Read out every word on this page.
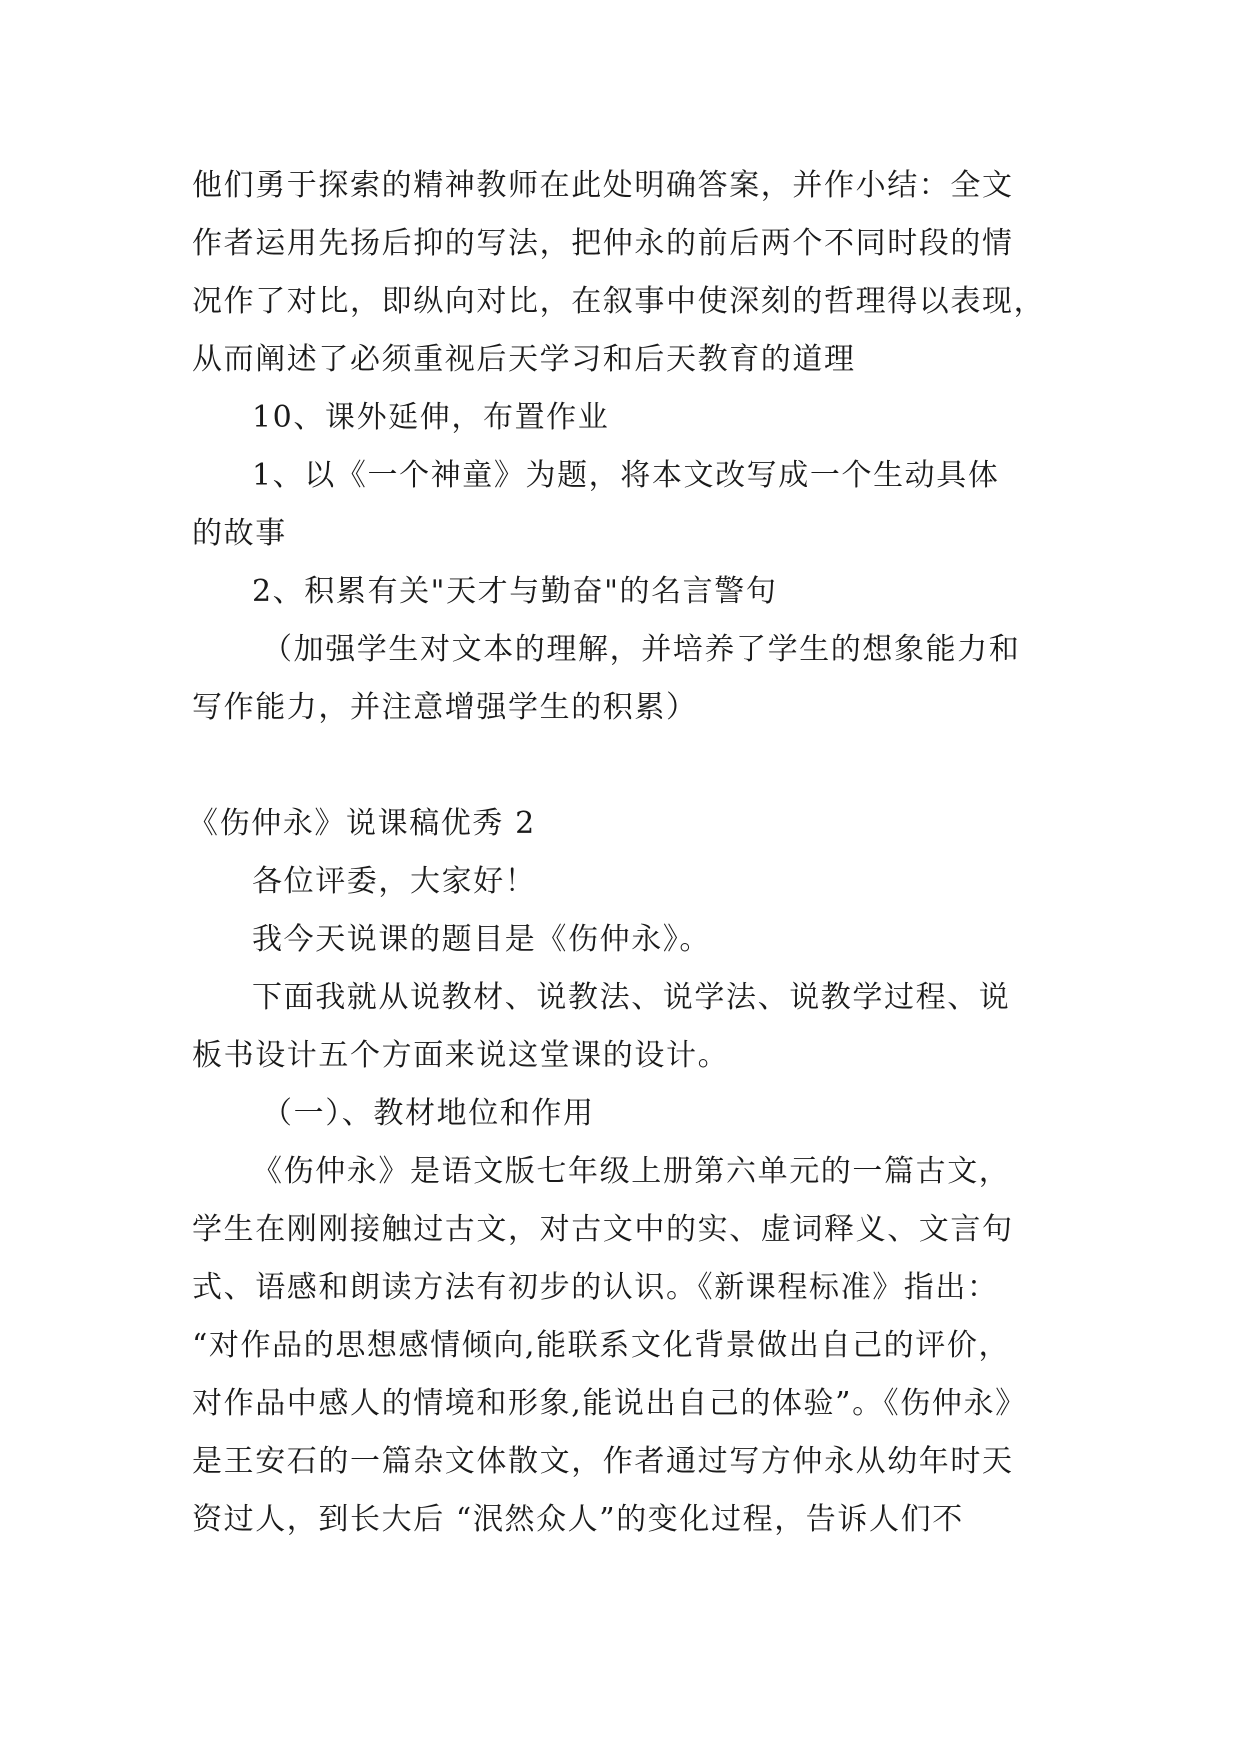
他们勇于探索的精神教师在此处明确答案，并作小结：全文
作者运用先扬后抑的写法，把仲永的前后两个不同时段的情
况作了对比，即纵向对比，在叙事中使深刻的哲理得以表现，
从而阐述了必须重视后天学习和后天教育的道理
10、课外延伸，布置作业
1、以《一个神童》为题，将本文改写成一个生动具体
的故事
2、积累有关"天才与勤奋"的名言警句
（加强学生对文本的理解，并培养了学生的想象能力和
写作能力，并注意增强学生的积累）
《伤仲永》说课稿优秀 2
各位评委，大家好！
我今天说课的题目是《伤仲永》。
下面我就从说教材、说教法、说学法、说教学过程、说
板书设计五个方面来说这堂课的设计。
（一）、教材地位和作用
《伤仲永》是语文版七年级上册第六单元的一篇古文，
学生在刚刚接触过古文，对古文中的实、虚词释义、文言句
式、语感和朗读方法有初步的认识。《新课程标准》指出：
“对作品的思想感情倾向,能联系文化背景做出自己的评价，
对作品中感人的情境和形象,能说出自己的体验”。《伤仲永》
是王安石的一篇杂文体散文，作者通过写方仲永从幼年时天
资过人，到长大后 “泯然众人”的变化过程，告诉人们不
